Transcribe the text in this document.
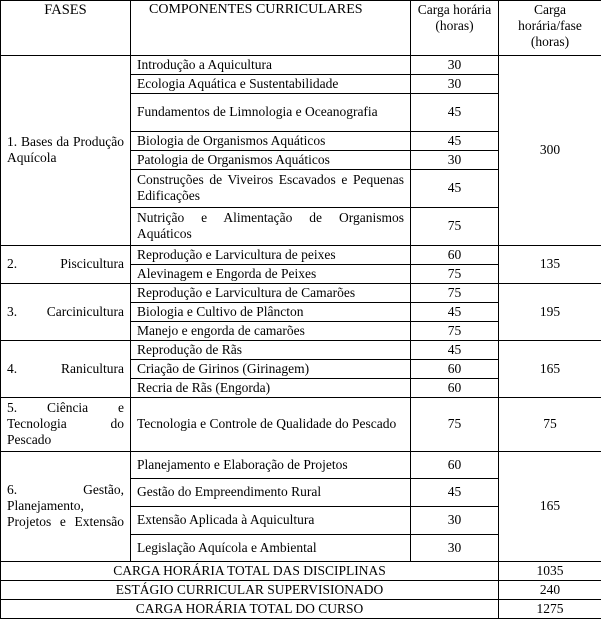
FASES	COMPONENTES CURRICULARES	Carga horária (horas)	Carga horária/fase (horas)
1. Bases da Produção Aquícola	Introdução a Aquicultura	30	300
	Ecologia Aquática e Sustentabilidade	30	
	Fundamentos de Limnologia e Oceanografia	45	
	Biologia de Organismos Aquáticos	45	
	Patologia de Organismos Aquáticos	30	
	Construções de Viveiros Escavados e Pequenas Edificações	45	
	Nutrição e Alimentação de Organismos Aquáticos	75	
2. Piscicultura	Reprodução e Larvicultura de peixes	60	135
	Alevinagem e Engorda de Peixes	75	
3. Carcinicultura	Reprodução e Larvicultura de Camarões	75	195
	Biologia e Cultivo de Plâncton	45	
	Manejo e engorda de camarões	75	
4. Ranicultura	Reprodução de Rãs	45	165
	Criação de Girinos (Girinagem)	60	
	Recria de Rãs (Engorda)	60	
5. Ciência e Tecnologia do Pescado	Tecnologia e Controle de Qualidade do Pescado	75	75
6. Gestão, Planejamento, Projetos e Extensão	Planejamento e Elaboração de Projetos	60	165
	Gestão do Empreendimento Rural	45	
	Extensão Aplicada à Aquicultura	30	
	Legislação Aquícola e Ambiental	30	
CARGA HORÁRIA TOTAL DAS DISCIPLINAS			1035
ESTÁGIO CURRICULAR SUPERVISIONADO			240
CARGA HORÁRIA TOTAL DO CURSO			1275
